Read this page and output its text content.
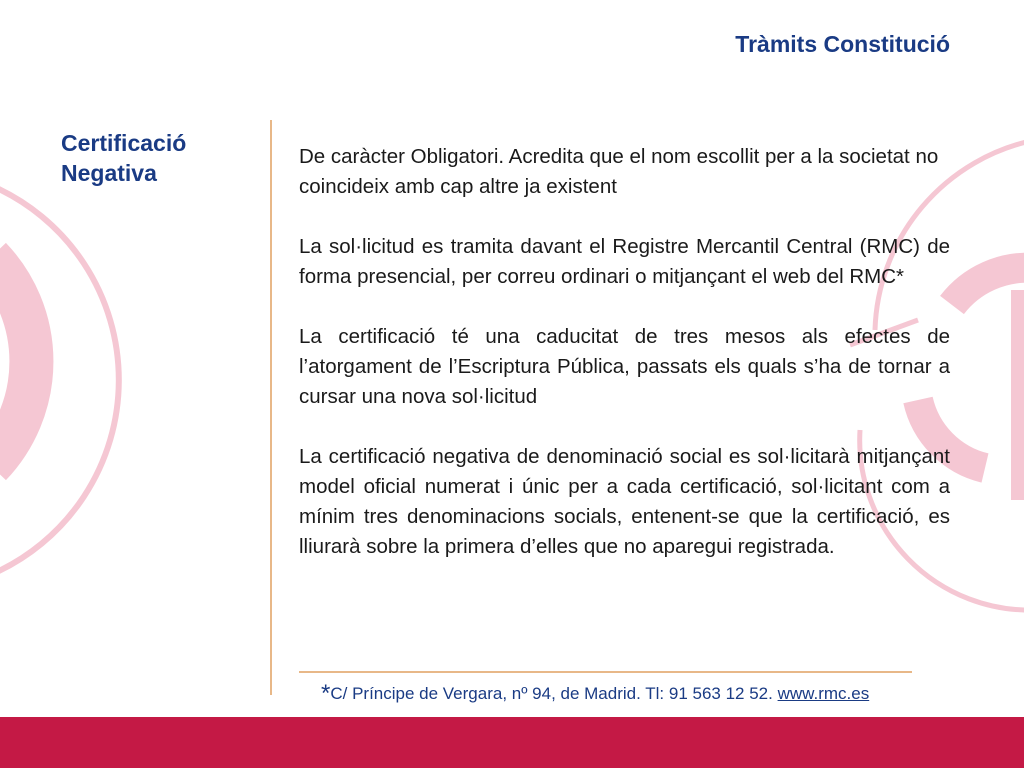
Tràmits Constitució
Certificació
Negativa

De caràcter Obligatori. Acredita que el nom escollit per a la societat no coincideix amb cap altre ja existent

La sol·licitud es tramita davant el Registre Mercantil Central (RMC) de forma presencial, per correu ordinari o mitjançant el web del RMC*

La certificació té una caducitat de tres mesos als efectes de l’atorgament de l’Escriptura Pública, passats els quals s’ha de tornar a cursar una nova sol·licitud

La certificació negativa de denominació social es sol·licitarà mitjançant model oficial numerat i únic per a cada certificació, sol·licitant com a mínim tres denominacions socials, entenent-se que la certificació, es lliurarà sobre la primera d’elles que no aparegui registrada.

*C/ Príncipe de Vergara, nº 94, de Madrid. Tl: 91 563 12 52. www.rmc.es
